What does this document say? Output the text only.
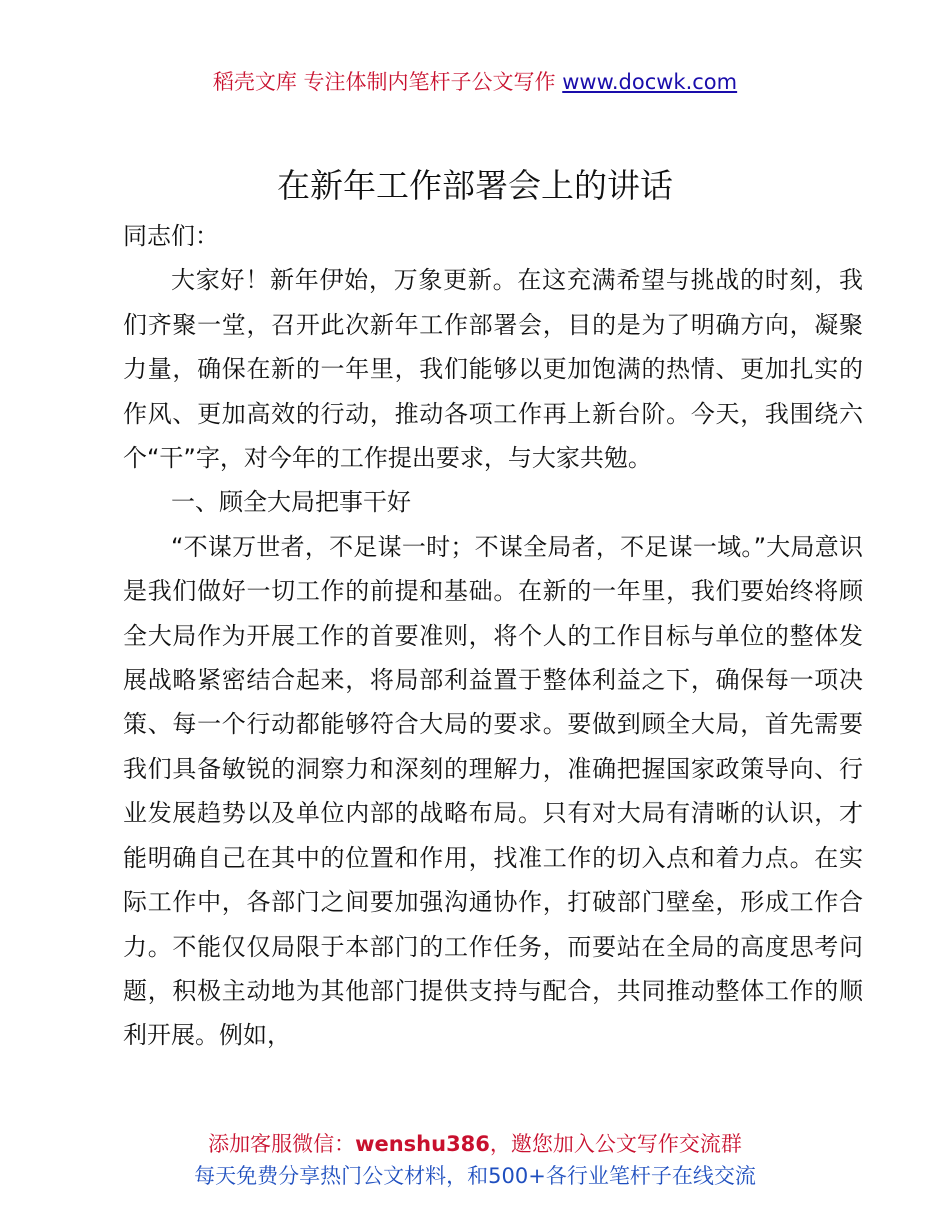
稻壳文库 专注体制内笔杆子公文写作 www.docwk.com
在新年工作部署会上的讲话

同志们：

大家好！新年伊始，万象更新。在这充满希望与挑战的时刻，我们齐聚一堂，召开此次新年工作部署会，目的是为了明确方向，凝聚力量，确保在新的一年里，我们能够以更加饱满的热情、更加扎实的作风、更加高效的行动，推动各项工作再上新台阶。今天，我围绕六个“干”字，对今年的工作提出要求，与大家共勉。

一、顾全大局把事干好

“不谋万世者，不足谋一时；不谋全局者，不足谋一域。”大局意识是我们做好一切工作的前提和基础。在新的一年里，我们要始终将顾全大局作为开展工作的首要准则，将个人的工作目标与单位的整体发展战略紧密结合起来，将局部利益置于整体利益之下，确保每一项决策、每一个行动都能够符合大局的要求。要做到顾全大局，首先需要我们具备敏锐的洞察力和深刻的理解力，准确把握国家政策导向、行业发展趋势以及单位内部的战略布局。只有对大局有清晰的认识，才能明确自己在其中的位置和作用，找准工作的切入点和着力点。在实际工作中，各部门之间要加强沟通协作，打破部门壁垒，形成工作合力。不能仅仅局限于本部门的工作任务，而要站在全局的高度思考问题，积极主动地为其他部门提供支持与配合，共同推动整体工作的顺利开展。例如，

添加客服微信：wenshu386，邀您加入公文写作交流群
每天免费分享热门公文材料，和500+各行业笔杆子在线交流
